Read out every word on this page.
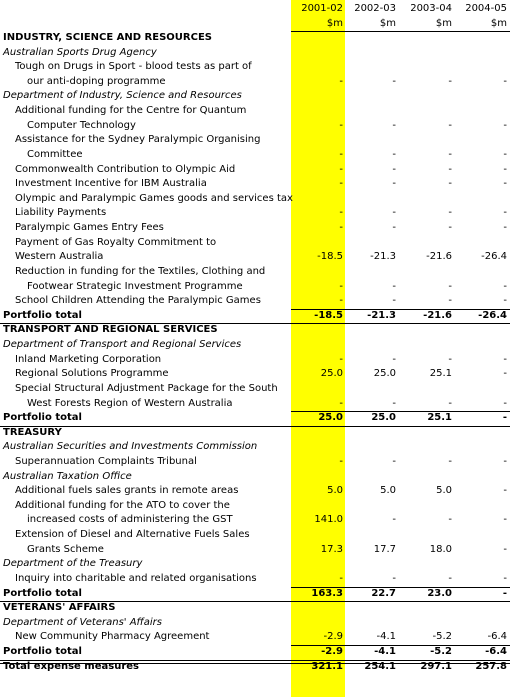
2001-02	2002-03	2003-04	2004-05
$m	$m	$m	$m
INDUSTRY, SCIENCE AND RESOURCES
Australian Sports Drug Agency
Tough on Drugs in Sport - blood tests as part of
our anti-doping programme	-	-	-	-
Department of Industry, Science and Resources
Additional funding for the Centre for Quantum
Computer Technology	-	-	-	-
Assistance for the Sydney Paralympic Organising
Committee	-	-	-	-
Commonwealth Contribution to Olympic Aid	-	-	-	-
Investment Incentive for IBM Australia	-	-	-	-
Olympic and Paralympic Games goods and services tax
Liability Payments	-	-	-	-
Paralympic Games Entry Fees	-	-	-	-
Payment of Gas Royalty Commitment to
Western Australia	-18.5	-21.3	-21.6	-26.4
Reduction in funding for the Textiles, Clothing and
Footwear Strategic Investment Programme	-	-	-	-
School Children Attending the Paralympic Games	-	-	-	-
Portfolio total	-18.5	-21.3	-21.6	-26.4
TRANSPORT AND REGIONAL SERVICES
Department of Transport and Regional Services
Inland Marketing Corporation	-	-	-	-
Regional Solutions Programme	25.0	25.0	25.1	-
Special Structural Adjustment Package for the South
West Forests Region of Western Australia	-	-	-	-
Portfolio total	25.0	25.0	25.1	-
TREASURY
Australian Securities and Investments Commission
Superannuation Complaints Tribunal	-	-	-	-
Australian Taxation Office
Additional fuels sales grants in remote areas	5.0	5.0	5.0	-
Additional funding for the ATO to cover the
increased costs of administering the GST	141.0	-	-	-
Extension of Diesel and Alternative Fuels Sales
Grants Scheme	17.3	17.7	18.0	-
Department of the Treasury
Inquiry into charitable and related organisations	-	-	-	-
Portfolio total	163.3	22.7	23.0	-
VETERANS' AFFAIRS
Department of Veterans' Affairs
New Community Pharmacy Agreement	-2.9	-4.1	-5.2	-6.4
Portfolio total	-2.9	-4.1	-5.2	-6.4
Total expense measures	321.1	254.1	297.1	257.8
